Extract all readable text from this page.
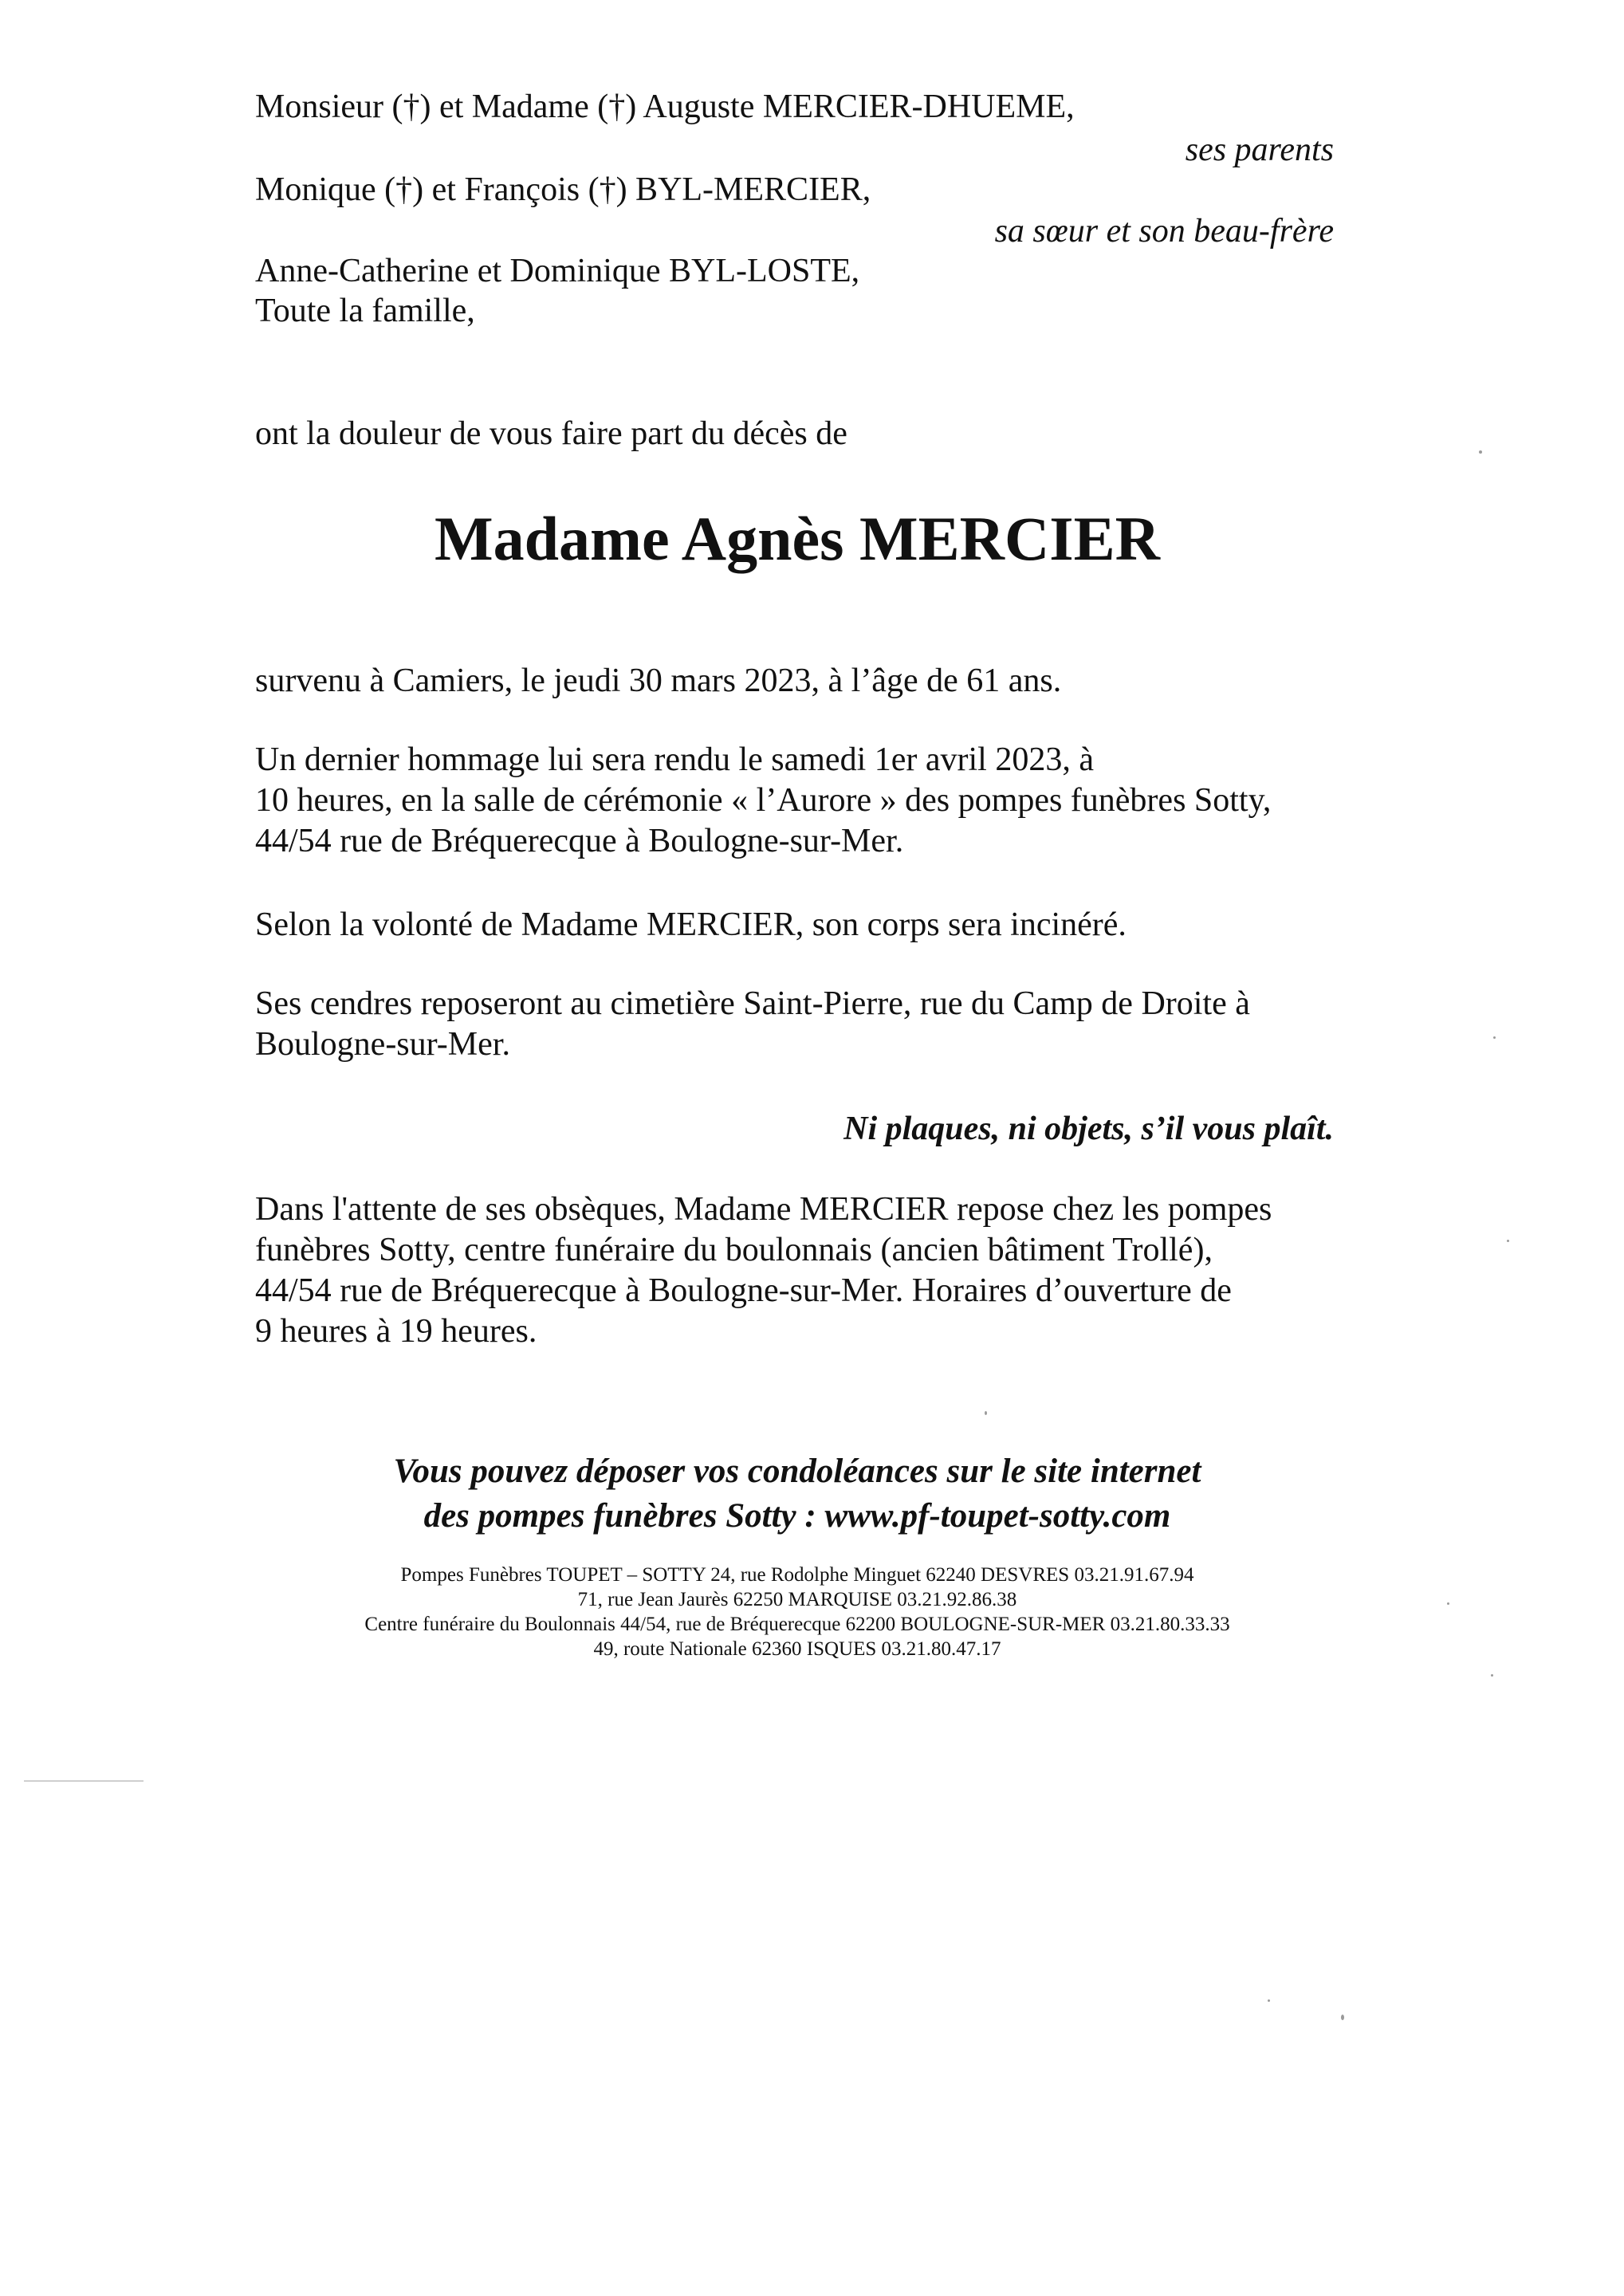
Monsieur (†) et Madame (†) Auguste MERCIER-DHUEME,
ses parents
Monique (†) et François (†) BYL-MERCIER,
sa sœur et son beau-frère
Anne-Catherine et Dominique BYL-LOSTE,
Toute la famille,
ont la douleur de vous faire part du décès de
Madame Agnès MERCIER
survenu à Camiers, le jeudi 30 mars 2023, à l’âge de 61 ans.
Un dernier hommage lui sera rendu le samedi 1er avril 2023, à
10 heures, en la salle de cérémonie « l’Aurore » des pompes funèbres Sotty,
44/54 rue de Bréquerecque à Boulogne-sur-Mer.
Selon la volonté de Madame MERCIER, son corps sera incinéré.
Ses cendres reposeront au cimetière Saint-Pierre, rue du Camp de Droite à
Boulogne-sur-Mer.
Ni plaques, ni objets, s’il vous plaît.
Dans l'attente de ses obsèques, Madame MERCIER repose chez les pompes
funèbres Sotty, centre funéraire du boulonnais (ancien bâtiment Trollé),
44/54 rue de Bréquerecque à Boulogne-sur-Mer. Horaires d’ouverture de
9 heures à 19 heures.
Vous pouvez déposer vos condoléances sur le site internet
des pompes funèbres Sotty : www.pf-toupet-sotty.com
Pompes Funèbres TOUPET – SOTTY 24, rue Rodolphe Minguet 62240 DESVRES 03.21.91.67.94
71, rue Jean Jaurès 62250 MARQUISE 03.21.92.86.38
Centre funéraire du Boulonnais 44/54, rue de Bréquerecque 62200 BOULOGNE-SUR-MER 03.21.80.33.33
49, route Nationale 62360 ISQUES 03.21.80.47.17
